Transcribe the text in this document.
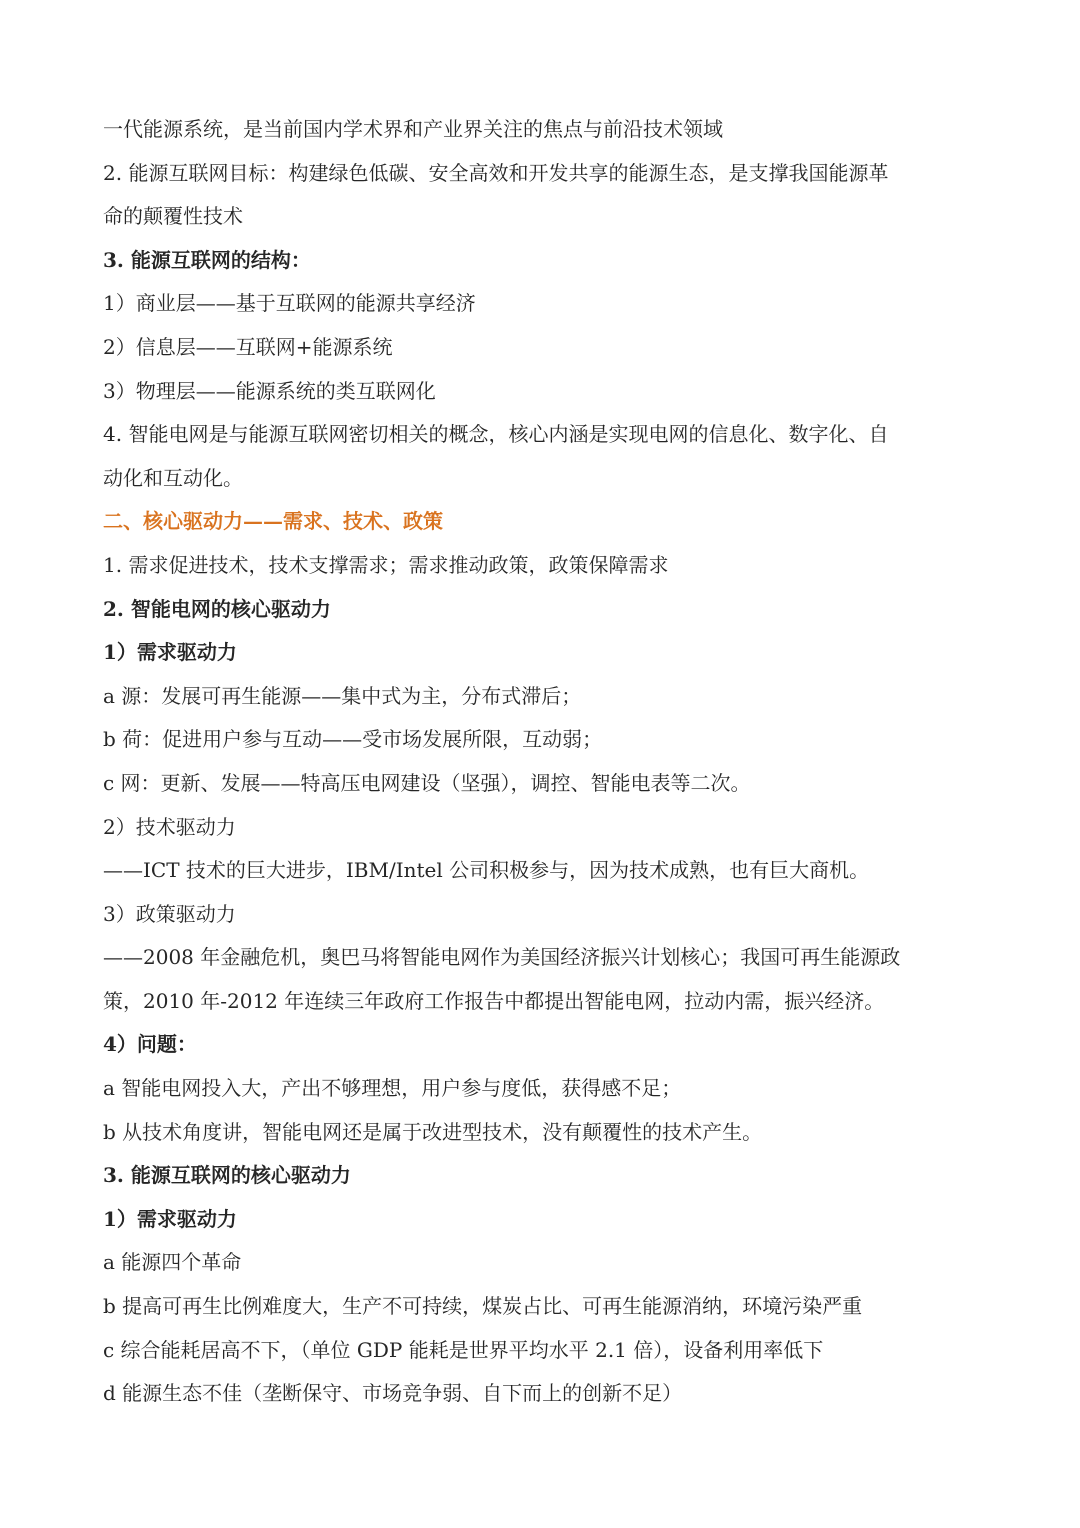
一代能源系统，是当前国内学术界和产业界关注的焦点与前沿技术领域
2. 能源互联网目标：构建绿色低碳、安全高效和开发共享的能源生态，是支撑我国能源革
命的颠覆性技术
3. 能源互联网的结构：
1）商业层——基于互联网的能源共享经济
2）信息层——互联网+能源系统
3）物理层——能源系统的类互联网化
4. 智能电网是与能源互联网密切相关的概念，核心内涵是实现电网的信息化、数字化、自
动化和互动化。
二、核心驱动力——需求、技术、政策
1. 需求促进技术，技术支撑需求；需求推动政策，政策保障需求
2. 智能电网的核心驱动力
1）需求驱动力
a 源：发展可再生能源——集中式为主，分布式滞后；
b 荷：促进用户参与互动——受市场发展所限，互动弱；
c 网：更新、发展——特高压电网建设（坚强），调控、智能电表等二次。
2）技术驱动力
——ICT 技术的巨大进步，IBM/Intel 公司积极参与，因为技术成熟，也有巨大商机。
3）政策驱动力
——2008 年金融危机，奥巴马将智能电网作为美国经济振兴计划核心；我国可再生能源政
策，2010 年-2012 年连续三年政府工作报告中都提出智能电网，拉动内需，振兴经济。
4）问题：
a 智能电网投入大，产出不够理想，用户参与度低，获得感不足；
b 从技术角度讲，智能电网还是属于改进型技术，没有颠覆性的技术产生。
3. 能源互联网的核心驱动力
1）需求驱动力
a 能源四个革命
b 提高可再生比例难度大，生产不可持续，煤炭占比、可再生能源消纳，环境污染严重
c 综合能耗居高不下，（单位 GDP 能耗是世界平均水平 2.1 倍），设备利用率低下
d 能源生态不佳（垄断保守、市场竞争弱、自下而上的创新不足）
